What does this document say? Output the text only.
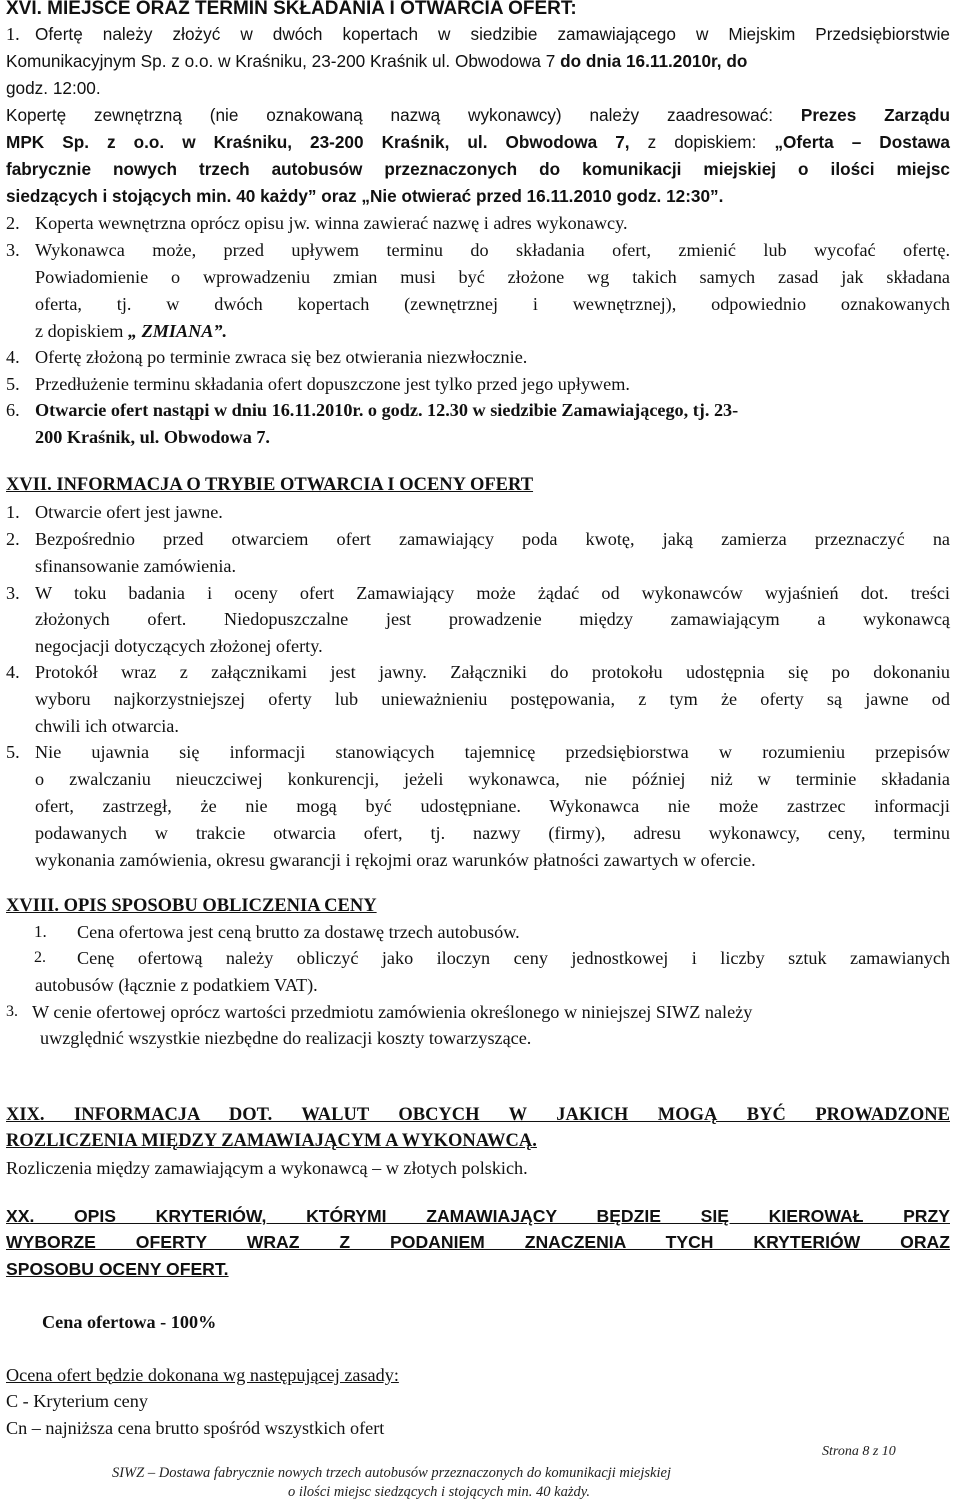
XVI. MIEJSCE ORAZ TERMIN SKŁADANIA I OTWARCIA OFERT:
1. Ofertę należy złożyć w dwóch kopertach w siedzibie zamawiającego w Miejskim Przedsiębiorstwie
Komunikacyjnym Sp. z o.o. w Kraśniku, 23-200 Kraśnik ul. Obwodowa 7 do dnia 16.11.2010r, do
godz. 12:00.
Kopertę zewnętrzną (nie oznakowaną nazwą wykonawcy) należy zaadresować: Prezes Zarządu
MPK Sp. z o.o. w Kraśniku, 23-200 Kraśnik, ul. Obwodowa 7, z dopiskiem: „Oferta – Dostawa
fabrycznie nowych trzech autobusów przeznaczonych do komunikacji miejskiej o ilości miejsc
siedzących i stojących min. 40 każdy” oraz „Nie otwierać przed 16.11.2010 godz. 12:30”.
2. Koperta wewnętrzna oprócz opisu jw. winna zawierać nazwę i adres wykonawcy.
3. Wykonawca może, przed upływem terminu do składania ofert, zmienić lub wycofać ofertę.
Powiadomienie o wprowadzeniu zmian musi być złożone wg takich samych zasad jak składana
oferta, tj. w dwóch kopertach (zewnętrznej i wewnętrznej), odpowiednio oznakowanych
z dopiskiem „ ZMIANA”.
4. Ofertę złożoną po terminie zwraca się bez otwierania niezwłocznie.
5. Przedłużenie terminu składania ofert dopuszczone jest tylko przed jego upływem.
6. Otwarcie ofert nastąpi w dniu 16.11.2010r. o godz. 12.30 w siedzibie Zamawiającego, tj. 23-
200 Kraśnik, ul. Obwodowa 7.
XVII. INFORMACJA O TRYBIE OTWARCIA I OCENY OFERT
1. Otwarcie ofert jest jawne.
2. Bezpośrednio przed otwarciem ofert zamawiający poda kwotę, jaką zamierza przeznaczyć na
sfinansowanie zamówienia.
3. W toku badania i oceny ofert Zamawiający może żądać od wykonawców wyjaśnień dot. treści
złożonych ofert. Niedopuszczalne jest prowadzenie między zamawiającym a wykonawcą
negocjacji dotyczących złożonej oferty.
4. Protokół wraz z załącznikami jest jawny. Załączniki do protokołu udostępnia się po dokonaniu
wyboru najkorzystniejszej oferty lub unieważnieniu postępowania, z tym że oferty są jawne od
chwili ich otwarcia.
5. Nie ujawnia się informacji stanowiących tajemnicę przedsiębiorstwa w rozumieniu przepisów
o zwalczaniu nieuczciwej konkurencji, jeżeli wykonawca, nie później niż w terminie składania
ofert, zastrzegł, że nie mogą być udostępniane. Wykonawca nie może zastrzec informacji
podawanych w trakcie otwarcia ofert, tj. nazwy (firmy), adresu wykonawcy, ceny, terminu
wykonania zamówienia, okresu gwarancji i rękojmi oraz warunków płatności zawartych w ofercie.
XVIII. OPIS SPOSOBU OBLICZENIA CENY
1. Cena ofertowa jest ceną brutto za dostawę trzech autobusów.
2. Cenę ofertową należy obliczyć jako iloczyn ceny jednostkowej i liczby sztuk zamawianych
autobusów (łącznie z podatkiem VAT).
3. W cenie ofertowej oprócz wartości przedmiotu zamówienia określonego w niniejszej SIWZ należy
uwzględnić wszystkie niezbędne do realizacji koszty towarzyszące.
XIX. INFORMACJA DOT. WALUT OBCYCH W JAKICH MOGĄ BYĆ PROWADZONE
ROZLICZENIA MIĘDZY ZAMAWIAJĄCYM A WYKONAWCĄ.
Rozliczenia między zamawiającym a wykonawcą – w złotych polskich.
XX. OPIS KRYTERIÓW, KTÓRYMI ZAMAWIAJĄCY BĘDZIE SIĘ KIEROWAŁ PRZY
WYBORZE OFERTY WRAZ Z PODANIEM ZNACZENIA TYCH KRYTERIÓW ORAZ
SPOSOBU OCENY OFERT.
Cena ofertowa - 100%
Ocena ofert będzie dokonana wg następującej zasady:
C - Kryterium ceny
Cn – najniższa cena brutto spośród wszystkich ofert
Strona 8 z 10
SIWZ – Dostawa fabrycznie nowych trzech autobusów przeznaczonych do komunikacji miejskiej
o ilości miejsc siedzących i stojących min. 40 każdy.
